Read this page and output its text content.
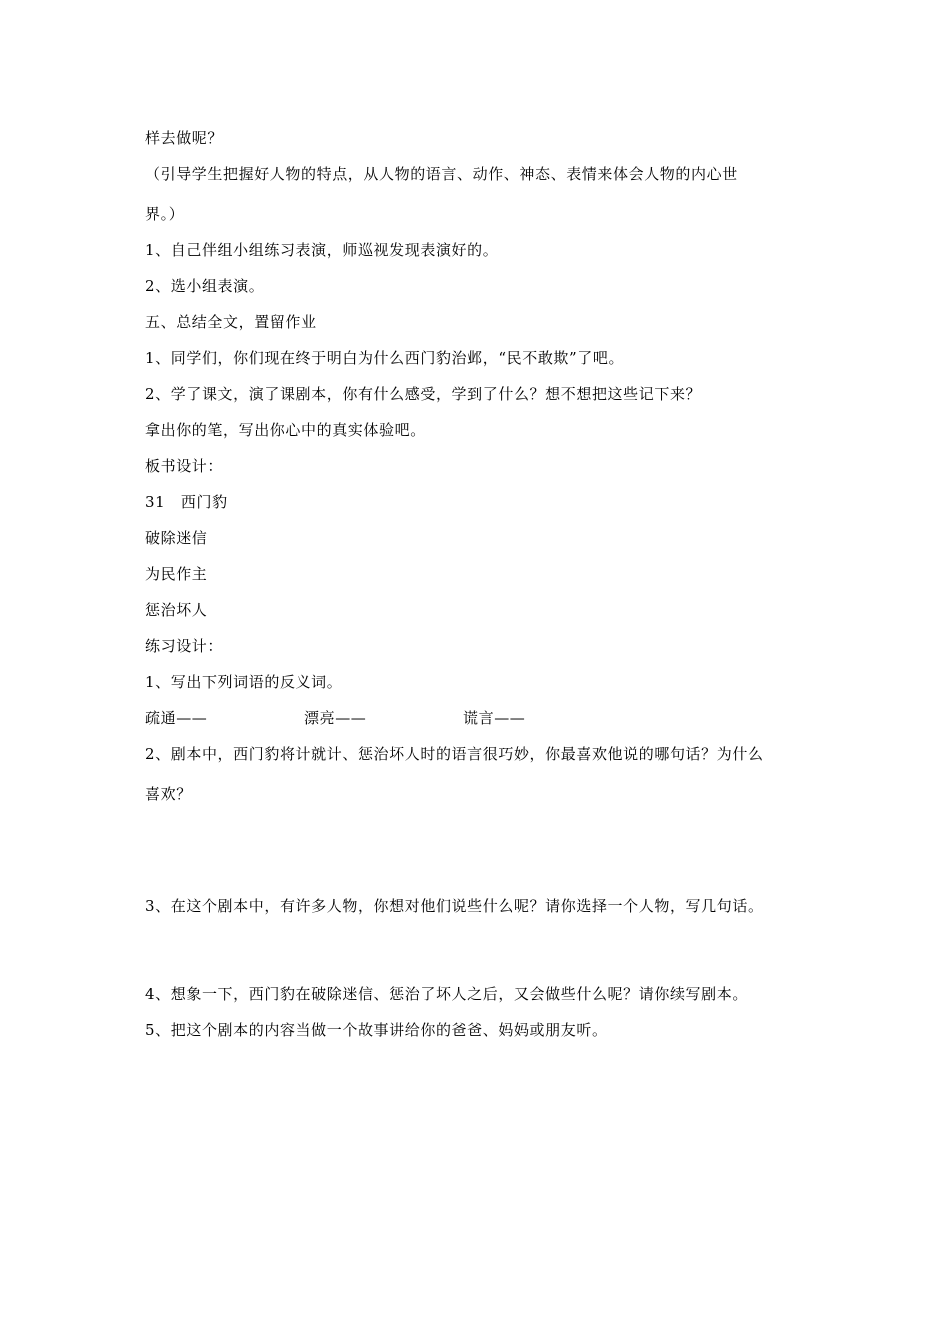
样去做呢？
（引导学生把握好人物的特点，从人物的语言、动作、神态、表情来体会人物的内心世
界。）
1、自己伴组小组练习表演，师巡视发现表演好的。
2、选小组表演。
五、总结全文，置留作业
1、同学们，你们现在终于明白为什么西门豹治邺，“民不敢欺”了吧。
2、学了课文，演了课剧本，你有什么感受，学到了什么？想不想把这些记下来？
拿出你的笔，写出你心中的真实体验吧。
板书设计：
31　西门豹
破除迷信
为民作主
惩治坏人
练习设计：
1、写出下列词语的反义词。
疏通——	漂亮——	谎言——
2、剧本中，西门豹将计就计、惩治坏人时的语言很巧妙，你最喜欢他说的哪句话？为什么
喜欢？
3、在这个剧本中，有许多人物，你想对他们说些什么呢？请你选择一个人物，写几句话。
4、想象一下，西门豹在破除迷信、惩治了坏人之后，又会做些什么呢？请你续写剧本。
5、把这个剧本的内容当做一个故事讲给你的爸爸、妈妈或朋友听。
